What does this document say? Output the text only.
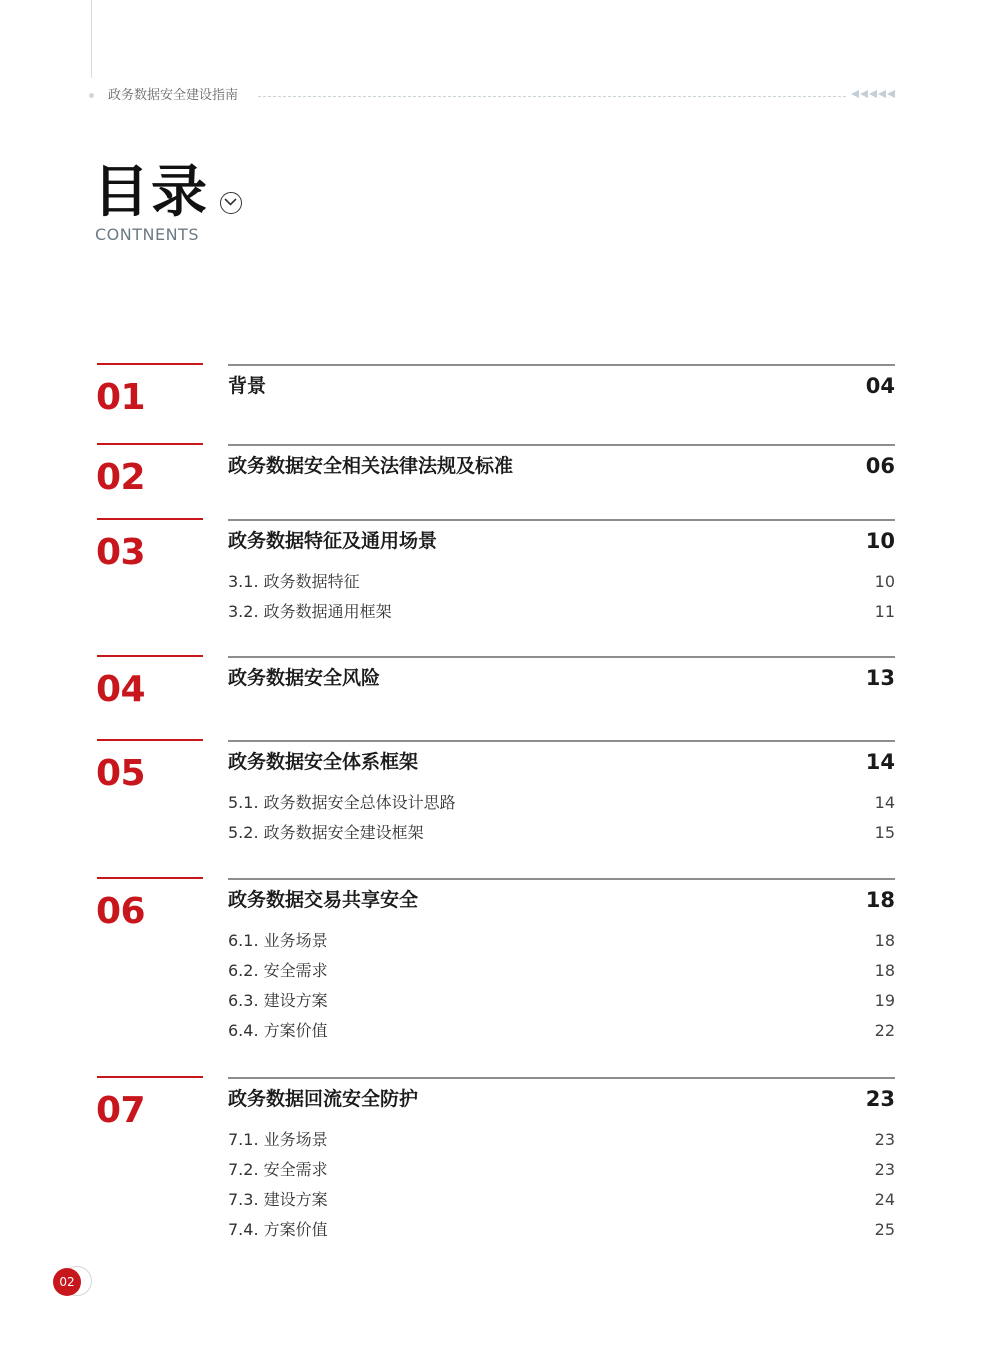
政务数据安全建设指南
目录
CONTNENTS
01	背景	04
02	政务数据安全相关法律法规及标准	06
03	政务数据特征及通用场景	10
3.1. 政务数据特征	10
3.2. 政务数据通用框架	11
04	政务数据安全风险	13
05	政务数据安全体系框架	14
5.1. 政务数据安全总体设计思路	14
5.2. 政务数据安全建设框架	15
06	政务数据交易共享安全	18
6.1. 业务场景	18
6.2. 安全需求	18
6.3. 建设方案	19
6.4. 方案价值	22
07	政务数据回流安全防护	23
7.1. 业务场景	23
7.2. 安全需求	23
7.3. 建设方案	24
7.4. 方案价值	25
02
